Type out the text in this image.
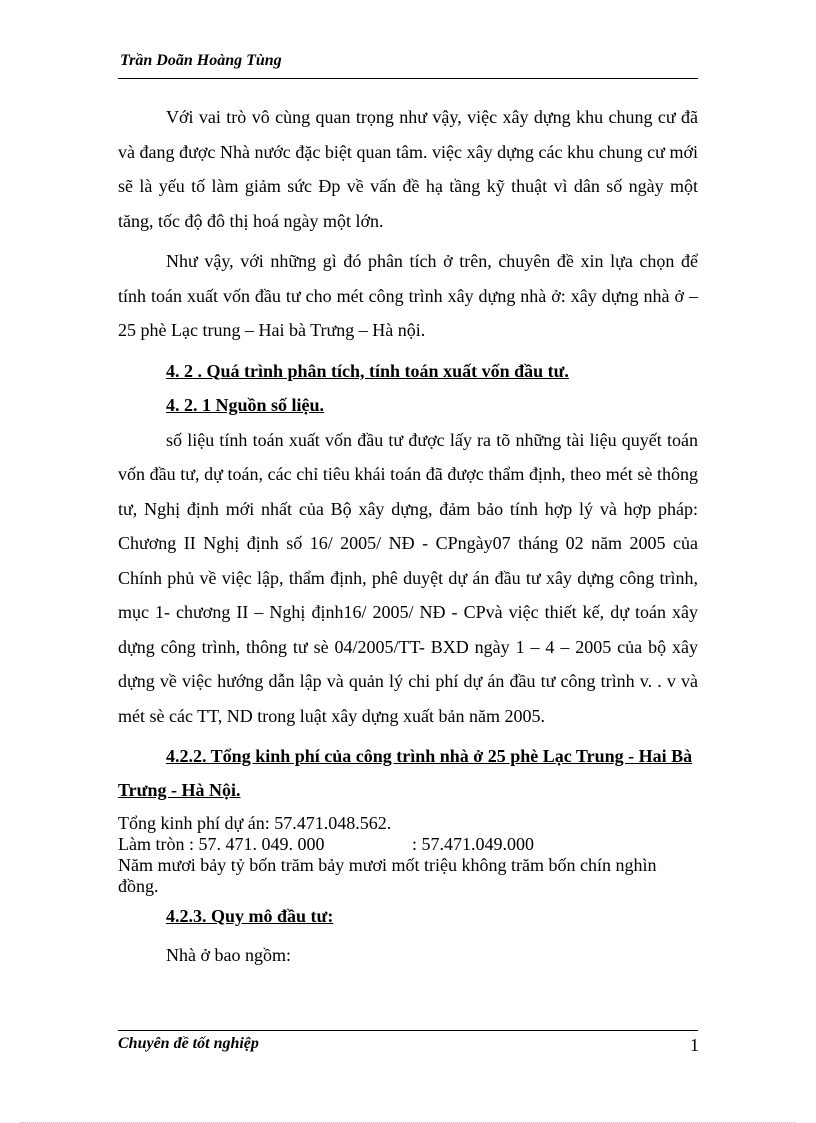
Trần Doãn Hoàng Tùng

Với vai trò vô cùng quan trọng như vậy, việc xây dựng khu chung cư đã và đang được Nhà nước đặc biệt quan tâm. việc xây dựng các khu chung cư mới sẽ là yếu tố làm giảm sức Đp về vấn đề hạ tầng kỹ thuật vì dân số ngày một tăng, tốc độ đô thị hoá ngày một lớn.

Như vậy, với những gì đó phân tích ở trên, chuyên đề xin lựa chọn để tính toán xuất vốn đầu tư cho mét công trình xây dựng nhà ở: xây dựng nhà ở – 25 phè Lạc trung – Hai bà Trưng – Hà nội.

4. 2 . Quá trình phân tích, tính toán xuất vốn đầu tư.

4. 2. 1 Nguồn số liệu.

số liệu tính toán xuất vốn đầu tư được lấy ra tõ những tài liệu quyết toán vốn đầu tư, dự toán, các chỉ tiêu khái toán đã được thẩm định, theo mét sè thông tư, Nghị định mới nhất của Bộ xây dựng, đảm bảo tính hợp lý và hợp pháp: Chương II Nghị định số 16/ 2005/ NĐ - CPngày07 tháng 02 năm 2005 của Chính phủ về việc lập, thẩm định, phê duyệt dự án đầu tư xây dựng công trình, mục 1- chương II – Nghị định16/ 2005/ NĐ - CPvà việc thiết kế, dự toán xây dựng công trình, thông tư sè 04/2005/TT- BXD ngày 1 – 4 – 2005 của bộ xây dựng về việc hướng dẫn lập và quản lý chi phí dự án đầu tư công trình v. . v và mét sè các TT, ND trong luật xây dựng xuất bản năm 2005.

4.2.2. Tổng kinh phí của công trình nhà ở 25 phè Lạc Trung - Hai Bà Trưng - Hà Nội.

Tổng kinh phí dự án: 57.471.048.562.

Làm tròn : 57. 471. 049. 000	: 57.471.049.000

Năm mươi bảy tỷ bốn trăm bảy mươi mốt triệu không trăm bốn chín nghìn đồng.

4.2.3. Quy mô đầu tư:

Nhà ở bao ngồm:

Chuyên đề tốt nghiệp	1
